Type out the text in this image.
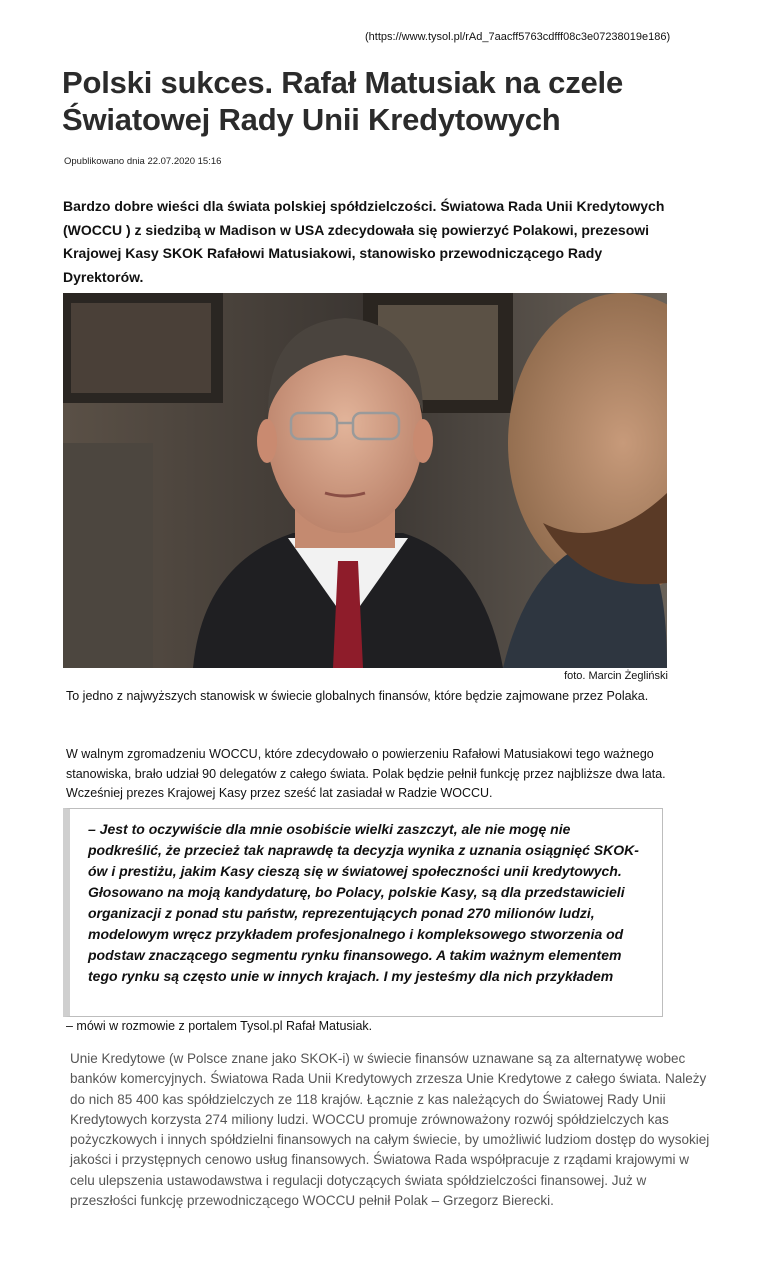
(https://www.tysol.pl/rAd_7aacff5763cdfff08c3e07238019e186)
Polski sukces. Rafał Matusiak na czele Światowej Rady Unii Kredytowych
Opublikowano dnia 22.07.2020 15:16

Bardzo dobre wieści dla świata polskiej spółdzielczości. Światowa Rada Unii Kredytowych (WOCCU ) z siedzibą w Madison w USA zdecydowała się powierzyć Polakowi, prezesowi Krajowej Kasy SKOK Rafałowi Matusiakowi, stanowisko przewodniczącego Rady Dyrektorów.

foto. Marcin Żegliński

To jedno z najwyższych stanowisk w świecie globalnych finansów, które będzie zajmowane przez Polaka.

W walnym zgromadzeniu WOCCU, które zdecydowało o powierzeniu Rafałowi Matusiakowi tego ważnego stanowiska, brało udział 90 delegatów z całego świata. Polak będzie pełnił funkcję przez najbliższe dwa lata. Wcześniej prezes Krajowej Kasy przez sześć lat zasiadał w Radzie WOCCU.

– Jest to oczywiście dla mnie osobiście wielki zaszczyt, ale nie mogę nie podkreślić, że przecież tak naprawdę ta decyzja wynika z uznania osiągnięć SKOK-ów i prestiżu, jakim Kasy cieszą się w światowej społeczności unii kredytowych. Głosowano na moją kandydaturę, bo Polacy, polskie Kasy, są dla przedstawicieli organizacji z ponad stu państw, reprezentujących ponad 270 milionów ludzi, modelowym wręcz przykładem profesjonalnego i kompleksowego stworzenia od podstaw znaczącego segmentu rynku finansowego. A takim ważnym elementem tego rynku są często unie w innych krajach. I my jesteśmy dla nich przykładem

– mówi w rozmowie z portalem Tysol.pl Rafał Matusiak.

Unie Kredytowe (w Polsce znane jako SKOK-i) w świecie finansów uznawane są za alternatywę wobec banków komercyjnych. Światowa Rada Unii Kredytowych zrzesza Unie Kredytowe z całego świata. Należy do nich 85 400 kas spółdzielczych ze 118 krajów. Łącznie z kas należących do Światowej Rady Unii Kredytowych korzysta 274 miliony ludzi. WOCCU promuje zrównoważony rozwój spółdzielczych kas pożyczkowych i innych spółdzielni finansowych na całym świecie, by umożliwić ludziom dostęp do wysokiej jakości i przystępnych cenowo usług finansowych. Światowa Rada współpracuje z rządami krajowymi w celu ulepszenia ustawodawstwa i regulacji dotyczących świata spółdzielczości finansowej. Już w przeszłości funkcję przewodniczącego WOCCU pełnił Polak – Grzegorz Bierecki.
